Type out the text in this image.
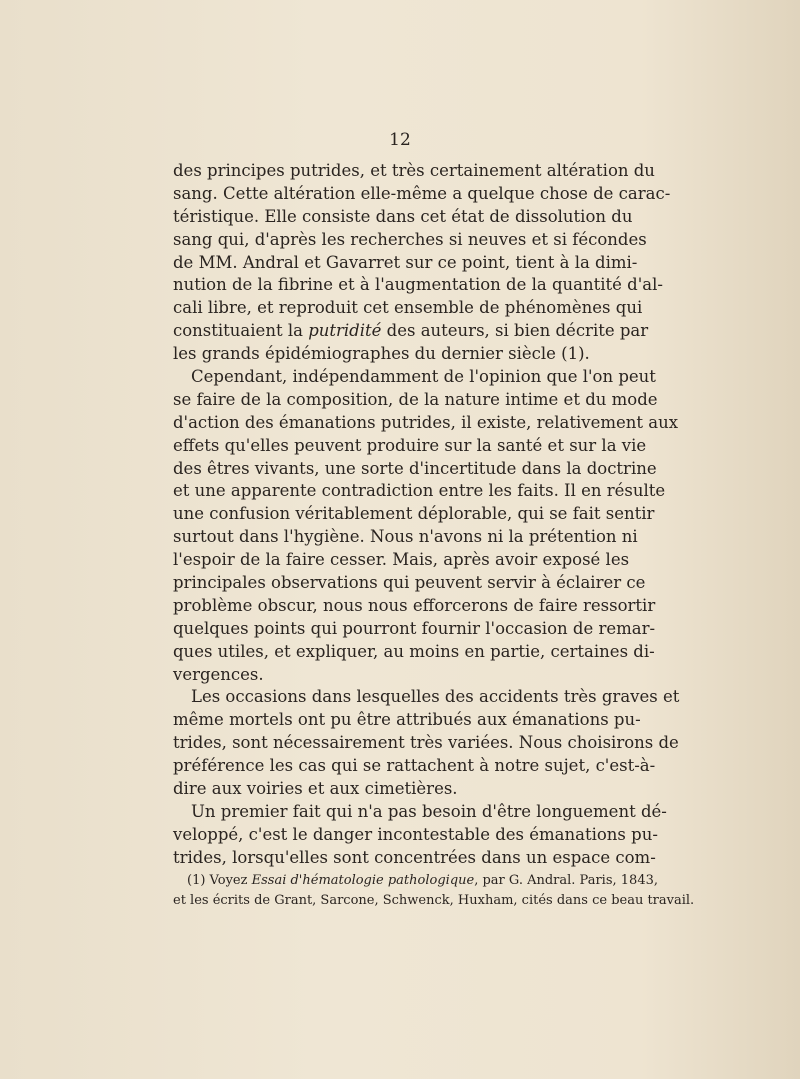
12
des principes putrides, et très certainement altération du
sang. Cette altération elle-même a quelque chose de carac-
téristique. Elle consiste dans cet état de dissolution du
sang qui, d'après les recherches si neuves et si fécondes
de MM. Andral et Gavarret sur ce point, tient à la dimi-
nution de la fibrine et à l'augmentation de la quantité d'al-
cali libre, et reproduit cet ensemble de phénomènes qui
constituaient la putridité des auteurs, si bien décrite par
les grands épidémiographes du dernier siècle (1).
Cependant, indépendamment de l'opinion que l'on peut
se faire de la composition, de la nature intime et du mode
d'action des émanations putrides, il existe, relativement aux
effets qu'elles peuvent produire sur la santé et sur la vie
des êtres vivants, une sorte d'incertitude dans la doctrine
et une apparente contradiction entre les faits. Il en résulte
une confusion véritablement déplorable, qui se fait sentir
surtout dans l'hygiène. Nous n'avons ni la prétention ni
l'espoir de la faire cesser. Mais, après avoir exposé les
principales observations qui peuvent servir à éclairer ce
problème obscur, nous nous efforcerons de faire ressortir
quelques points qui pourront fournir l'occasion de remar-
ques utiles, et expliquer, au moins en partie, certaines di-
vergences.
Les occasions dans lesquelles des accidents très graves et
même mortels ont pu être attribués aux émanations pu-
trides, sont nécessairement très variées. Nous choisirons de
préférence les cas qui se rattachent à notre sujet, c'est-à-
dire aux voiries et aux cimetières.
Un premier fait qui n'a pas besoin d'être longuement dé-
veloppé, c'est le danger incontestable des émanations pu-
trides, lorsqu'elles sont concentrées dans un espace com-
(1) Voyez Essai d'hématologie pathologique, par G. Andral. Paris, 1843,
et les écrits de Grant, Sarcone, Schwenck, Huxham, cités dans ce beau travail.
